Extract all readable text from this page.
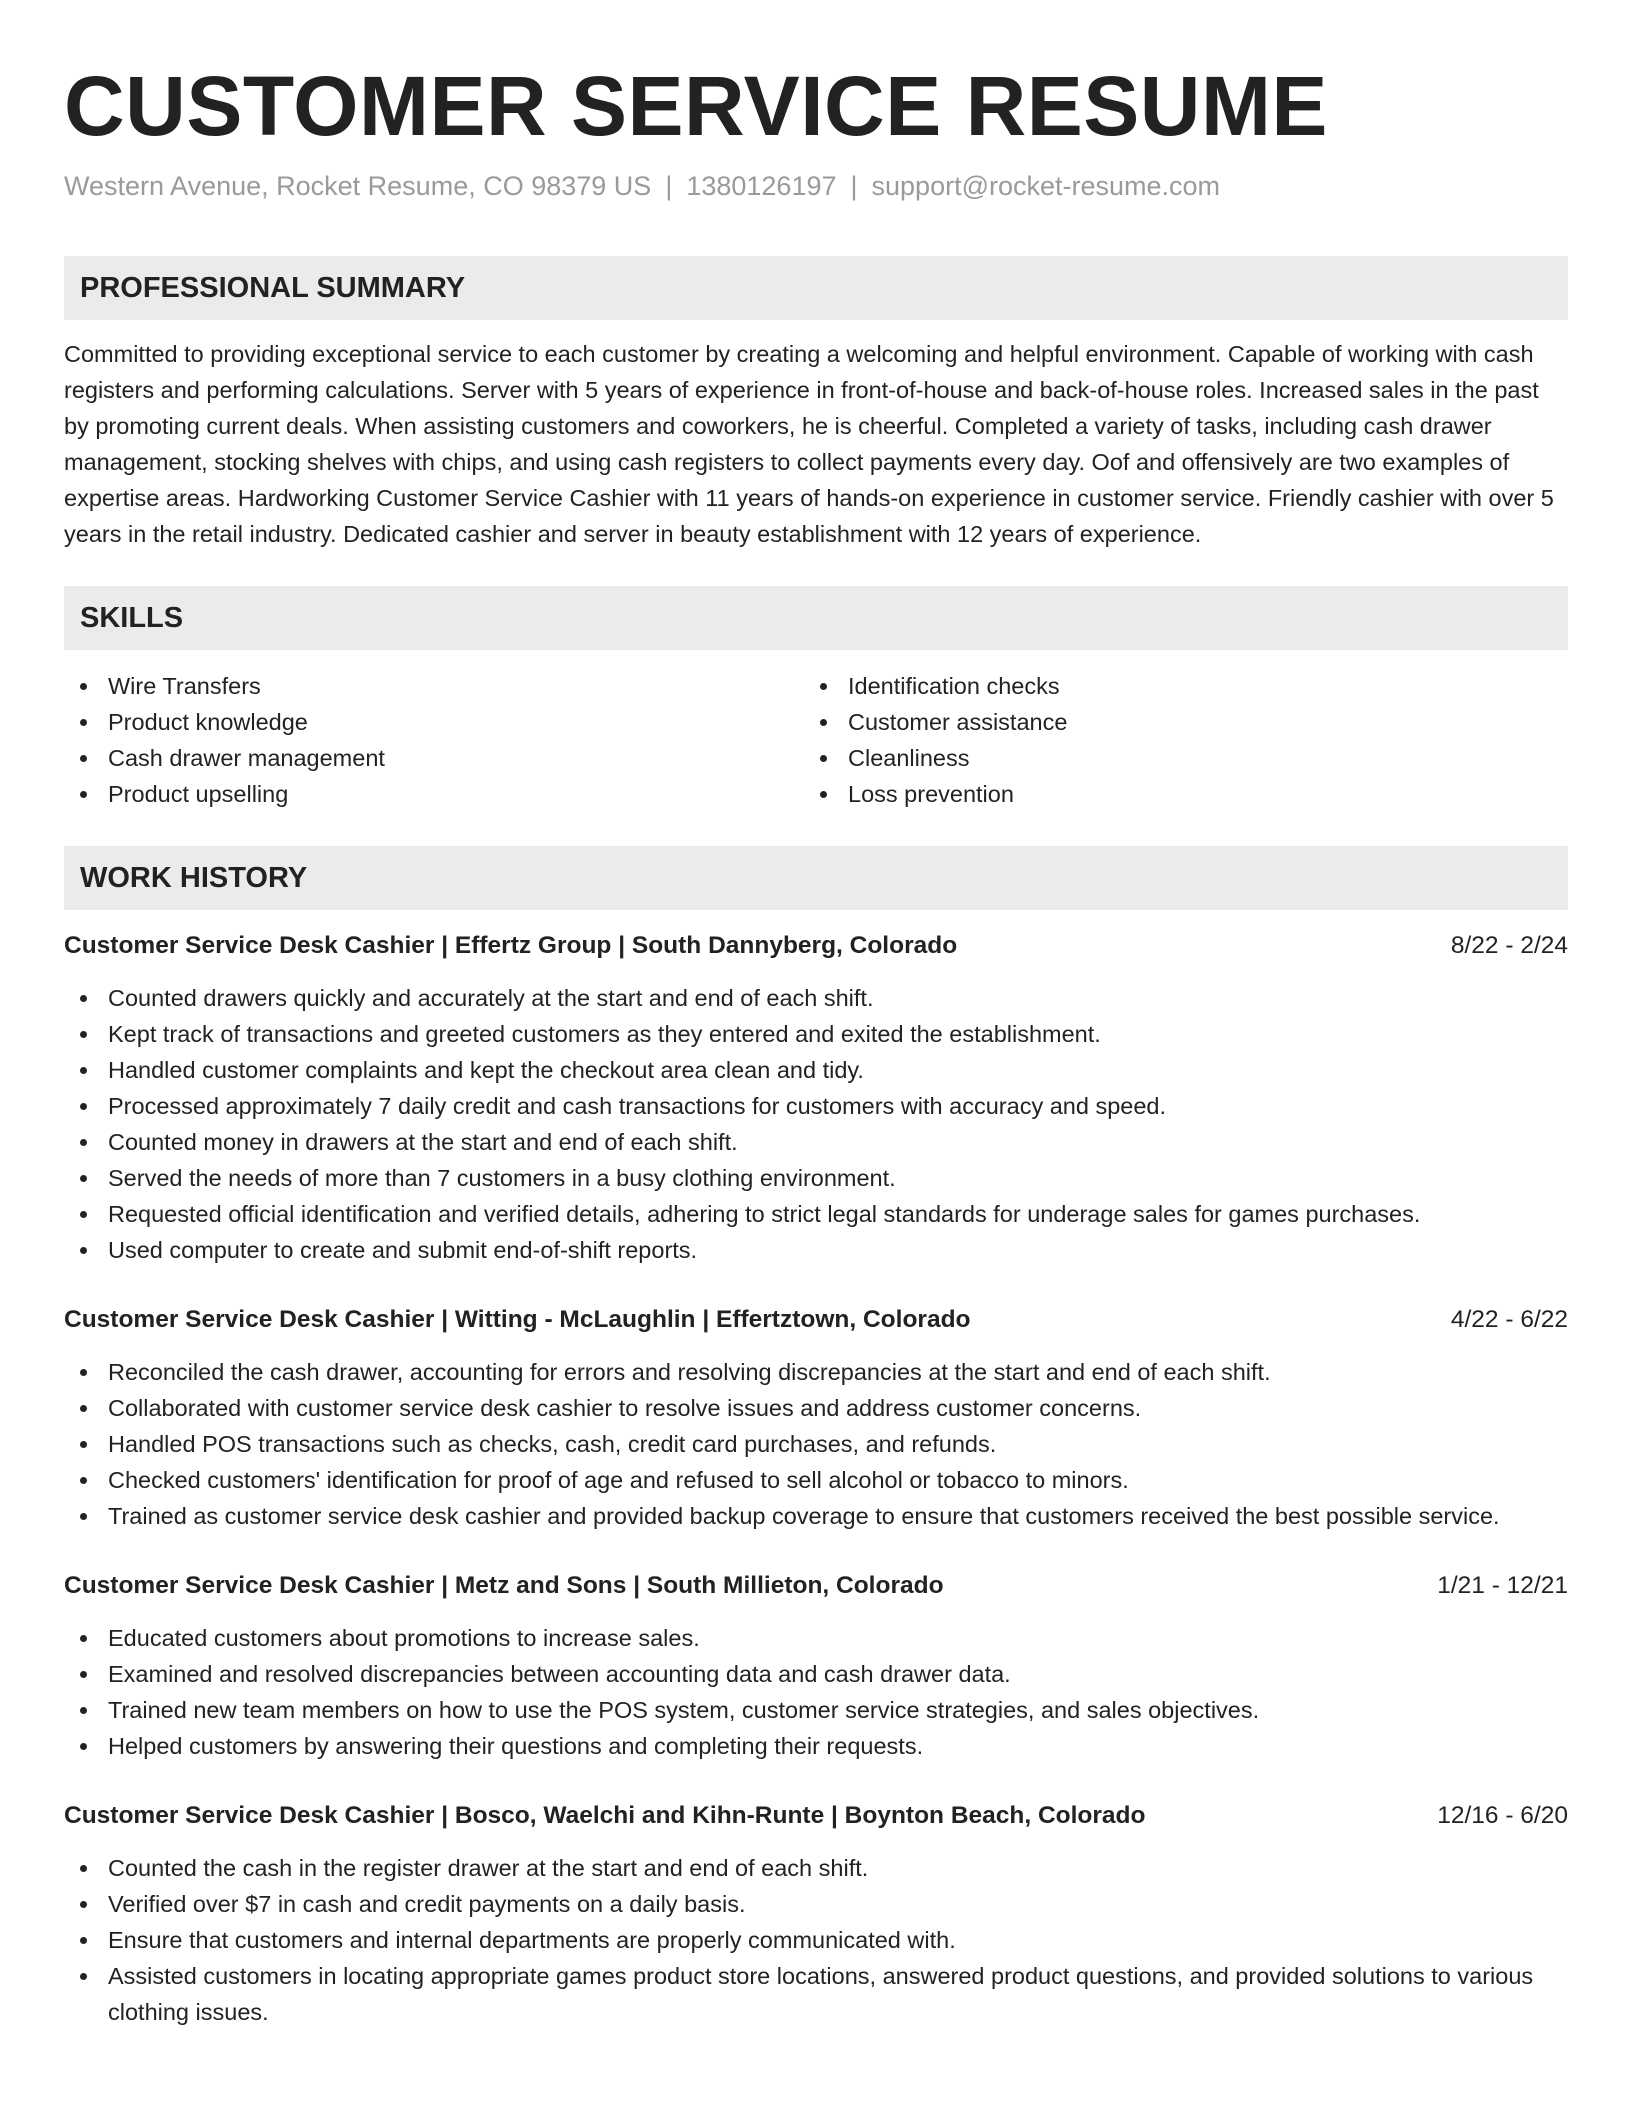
CUSTOMER SERVICE RESUME
Western Avenue, Rocket Resume, CO 98379 US | 1380126197 | support@rocket-resume.com
PROFESSIONAL SUMMARY

Committed to providing exceptional service to each customer by creating a welcoming and helpful environment. Capable of working with cash registers and performing calculations. Server with 5 years of experience in front-of-house and back-of-house roles. Increased sales in the past by promoting current deals. When assisting customers and coworkers, he is cheerful. Completed a variety of tasks, including cash drawer management, stocking shelves with chips, and using cash registers to collect payments every day. Oof and offensively are two examples of expertise areas. Hardworking Customer Service Cashier with 11 years of hands-on experience in customer service. Friendly cashier with over 5 years in the retail industry. Dedicated cashier and server in beauty establishment with 12 years of experience.

SKILLS
Wire Transfers
Product knowledge
Cash drawer management
Product upselling
Identification checks
Customer assistance
Cleanliness
Loss prevention
WORK HISTORY
Customer Service Desk Cashier | Effertz Group | South Dannyberg, Colorado	8/22 - 2/24
Counted drawers quickly and accurately at the start and end of each shift.
Kept track of transactions and greeted customers as they entered and exited the establishment.
Handled customer complaints and kept the checkout area clean and tidy.
Processed approximately 7 daily credit and cash transactions for customers with accuracy and speed.
Counted money in drawers at the start and end of each shift.
Served the needs of more than 7 customers in a busy clothing environment.
Requested official identification and verified details, adhering to strict legal standards for underage sales for games purchases.
Used computer to create and submit end-of-shift reports.
Customer Service Desk Cashier | Witting - McLaughlin | Effertztown, Colorado	4/22 - 6/22
Reconciled the cash drawer, accounting for errors and resolving discrepancies at the start and end of each shift.
Collaborated with customer service desk cashier to resolve issues and address customer concerns.
Handled POS transactions such as checks, cash, credit card purchases, and refunds.
Checked customers' identification for proof of age and refused to sell alcohol or tobacco to minors.
Trained as customer service desk cashier and provided backup coverage to ensure that customers received the best possible service.
Customer Service Desk Cashier | Metz and Sons | South Millieton, Colorado	1/21 - 12/21
Educated customers about promotions to increase sales.
Examined and resolved discrepancies between accounting data and cash drawer data.
Trained new team members on how to use the POS system, customer service strategies, and sales objectives.
Helped customers by answering their questions and completing their requests.
Customer Service Desk Cashier | Bosco, Waelchi and Kihn-Runte | Boynton Beach, Colorado	12/16 - 6/20
Counted the cash in the register drawer at the start and end of each shift.
Verified over $7 in cash and credit payments on a daily basis.
Ensure that customers and internal departments are properly communicated with.
Assisted customers in locating appropriate games product store locations, answered product questions, and provided solutions to various clothing issues.
